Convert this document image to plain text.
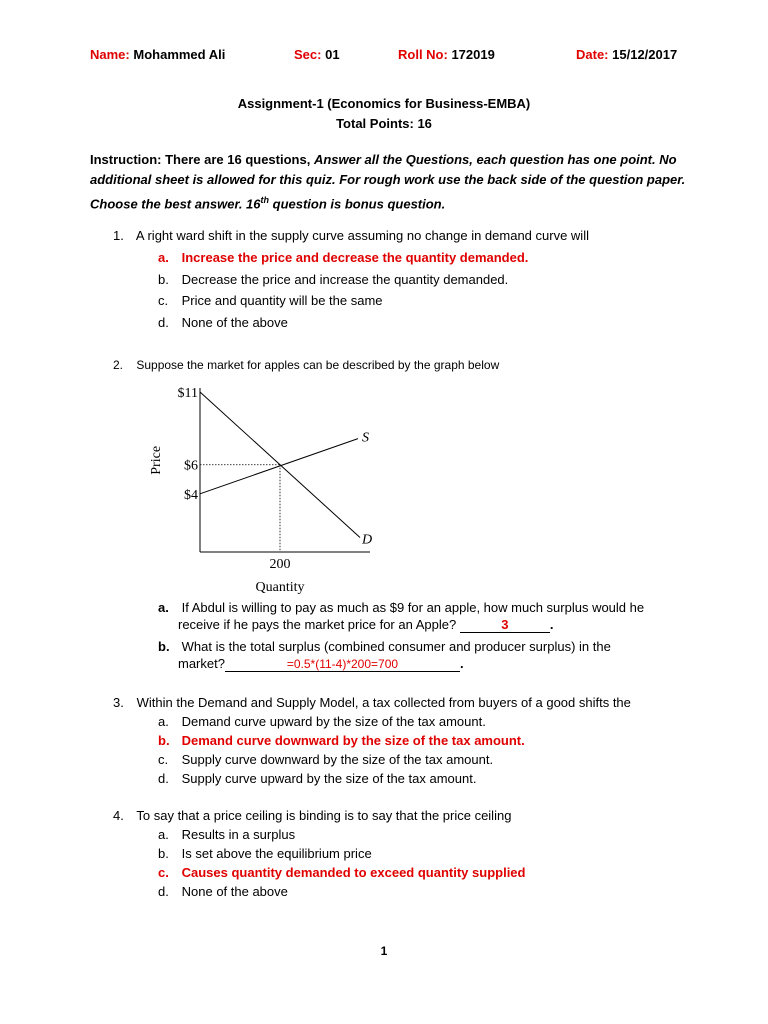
Name: Mohammed Ali	Sec: 01	Roll No: 172019	Date: 15/12/2017
Assignment-1 (Economics for Business-EMBA)
Total Points: 16
Instruction: There are 16 questions, Answer all the Questions, each question has one point. No additional sheet is allowed for this quiz. For rough work use the back side of the question paper. Choose the best answer. 16th question is bonus question.
1. A right ward shift in the supply curve assuming no change in demand curve will
a. Increase the price and decrease the quantity demanded.
b. Decrease the price and increase the quantity demanded.
c. Price and quantity will be the same
d. None of the above
2. Suppose the market for apples can be described by the graph below
$11
$6
$4
200
Quantity
Price
D
S
a. If Abdul is willing to pay as much as $9 for an apple, how much surplus would he
receive if he pays the market price for an Apple?	3	.
b. What is the total surplus (combined consumer and producer surplus) in the
market?	=0.5*(11-4)*200=700	.
3. Within the Demand and Supply Model, a tax collected from buyers of a good shifts the
a. Demand curve upward by the size of the tax amount.
b. Demand curve downward by the size of the tax amount.
c. Supply curve downward by the size of the tax amount.
d. Supply curve upward by the size of the tax amount.
4. To say that a price ceiling is binding is to say that the price ceiling
a. Results in a surplus
b. Is set above the equilibrium price
c. Causes quantity demanded to exceed quantity supplied
d. None of the above
1
